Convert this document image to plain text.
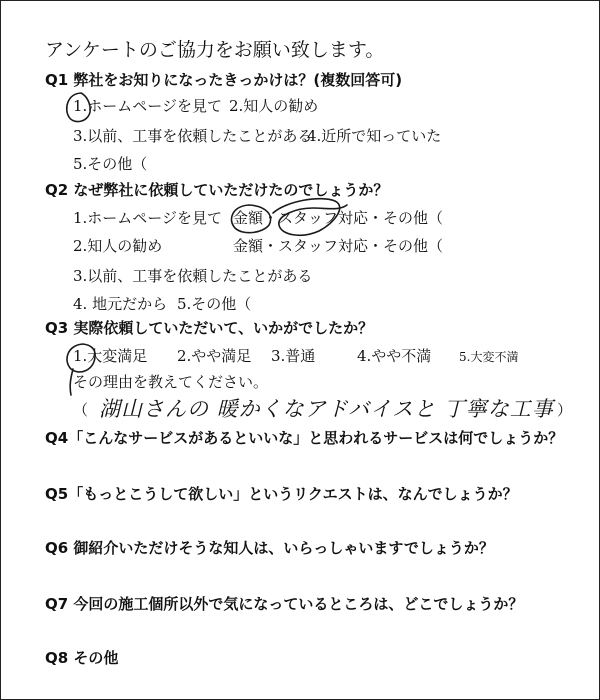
アンケートのご協力をお願い致します。
Q1 弊社をお知りになったきっかけは？(複数回答可)
1.ホームページを見て 2.知人の勧め
3.以前、工事を依頼したことがある
4.近所で知っていた
5.その他（
Q2 なぜ弊社に依頼していただけたのでしょうか？
1.ホームページを見て 金額・スタッフ対応・その他（
2.知人の勧め	金額・スタッフ対応・その他（
3.以前、工事を依頼したことがある
4. 地元だから 5.その他（
Q3 実際依頼していただいて、いかがでしたか？
1.大変満足 2.やや満足 3.普通	4.やや不満 5.大変不満
その理由を教えてください。
（ 湖山さんの 暖かくなアドバイスと 丁寧な工事 ）
Q4「こんなサービスがあるといいな」と思われるサービスは何でしょうか？
Q5「もっとこうして欲しい」というリクエストは、なんでしょうか？
Q6 御紹介いただけそうな知人は、いらっしゃいますでしょうか？
Q7 今回の施工個所以外で気になっているところは、どこでしょうか？
Q8 その他
